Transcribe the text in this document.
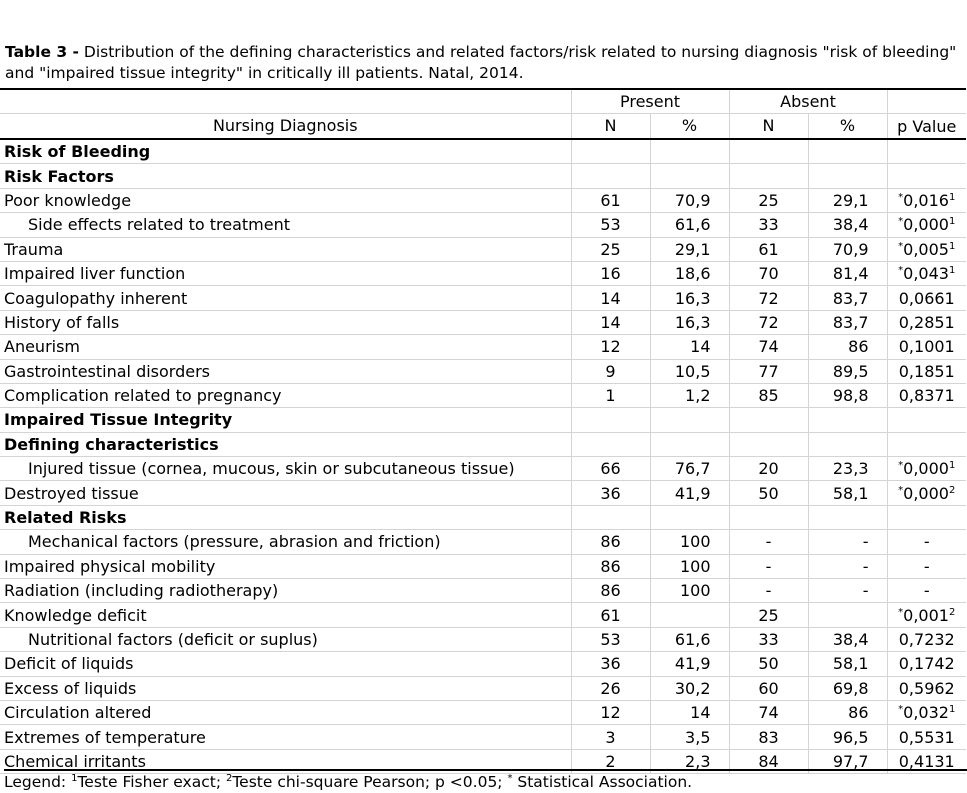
Table 3 - Distribution of the defining characteristics and related factors/risk related to nursing diagnosis "risk of bleeding" and "impaired tissue integrity" in critically ill patients. Natal, 2014.
	Present		Absent		
Nursing Diagnosis	N	%	N	%	p Value
Risk of Bleeding					
Risk Factors					
Poor knowledge	61	70,9	25	29,1	*0,016$^1$
Side effects related to treatment	53	61,6	33	38,4	*0,000$^1$
Trauma	25	29,1	61	70,9	*0,005$^1$
Impaired liver function	16	18,6	70	81,4	*0,043$^1$
Coagulopathy inherent	14	16,3	72	83,7	0,0661
History of falls	14	16,3	72	83,7	0,2851
Aneurism	12	14	74	86	0,1001
Gastrointestinal disorders	9	10,5	77	89,5	0,1851
Complication related to pregnancy	1	1,2	85	98,8	0,8371
Impaired Tissue Integrity					
Defining characteristics					
Injured tissue (cornea, mucous, skin or subcutaneous tissue)	66	76,7	20	23,3	*0,000$^1$
Destroyed tissue	36	41,9	50	58,1	*0,000$^2$
Related Risks					
Mechanical factors (pressure, abrasion and friction)	86	100	-	-	-
Impaired physical mobility	86	100	-	-	-
Radiation (including radiotherapy)	86	100	-	-	-
Knowledge deficit	61		25		*0,001$^2$
Nutritional factors (deficit or suplus)	53	61,6	33	38,4	0,7232
Deficit of liquids	36	41,9	50	58,1	0,1742
Excess of liquids	26	30,2	60	69,8	0,5962
Circulation altered	12	14	74	86	*0,032$^1$
Extremes of temperature	3	3,5	83	96,5	0,5531
Chemical irritants	2	2,3	84	97,7	0,4131
Legend: $^1$Teste Fisher exact; $^2$Teste chi-square Pearson; p <0.05; * Statistical Association.
